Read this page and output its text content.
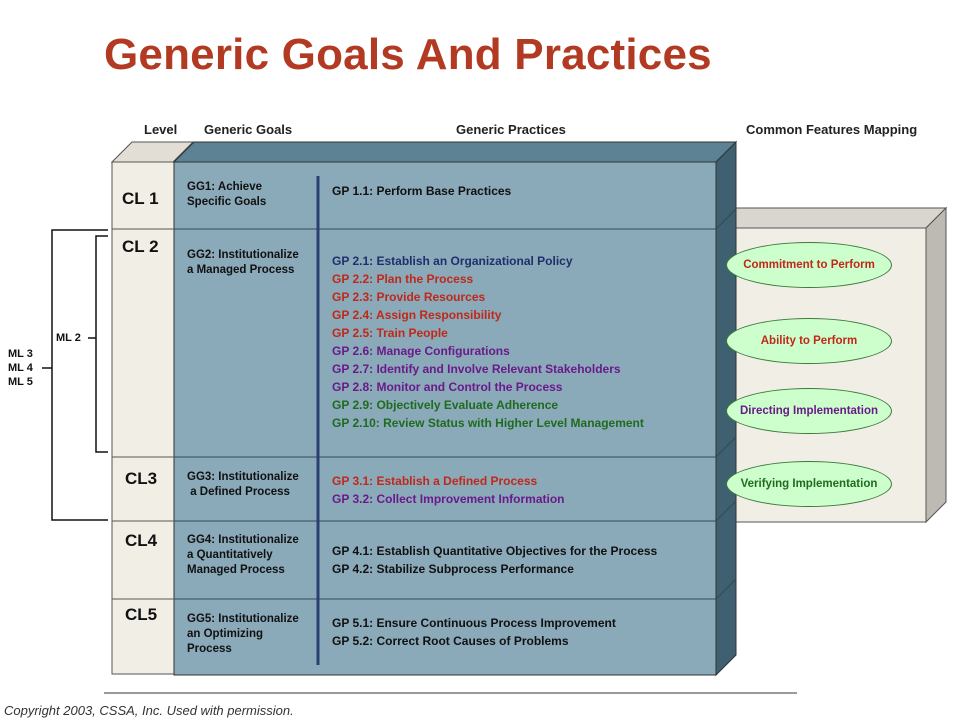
Generic Goals And Practices
Level Generic Goals	Generic Practices	Common Features Mapping
CL 1
CL 2
CL3
CL4
CL5
GG1: Achieve
Specific Goals
GG2: Institutionalize
a Managed Process
GG3: Institutionalize
a Defined Process
GG4: Institutionalize
a Quantitatively
Managed Process
GG5: Institutionalize
an Optimizing
Process
GP 1.1: Perform Base Practices
GP 2.1: Establish an Organizational Policy
GP 2.2: Plan the Process
GP 2.3: Provide Resources
GP 2.4: Assign Responsibility
GP 2.5: Train People
GP 2.6: Manage Configurations
GP 2.7: Identify and Involve Relevant Stakeholders
GP 2.8: Monitor and Control the Process
GP 2.9: Objectively Evaluate Adherence
GP 2.10: Review Status with Higher Level Management
GP 3.1: Establish a Defined Process
GP 3.2: Collect Improvement Information
GP 4.1: Establish Quantitative Objectives for the Process
GP 4.2: Stabilize Subprocess Performance
GP 5.1: Ensure Continuous Process Improvement
GP 5.2: Correct Root Causes of Problems
Commitment to Perform
Ability to Perform
Directing Implementation
Verifying Implementation
ML 2
ML 3
ML 4
ML 5
Copyright 2003, CSSA, Inc. Used with permission.
